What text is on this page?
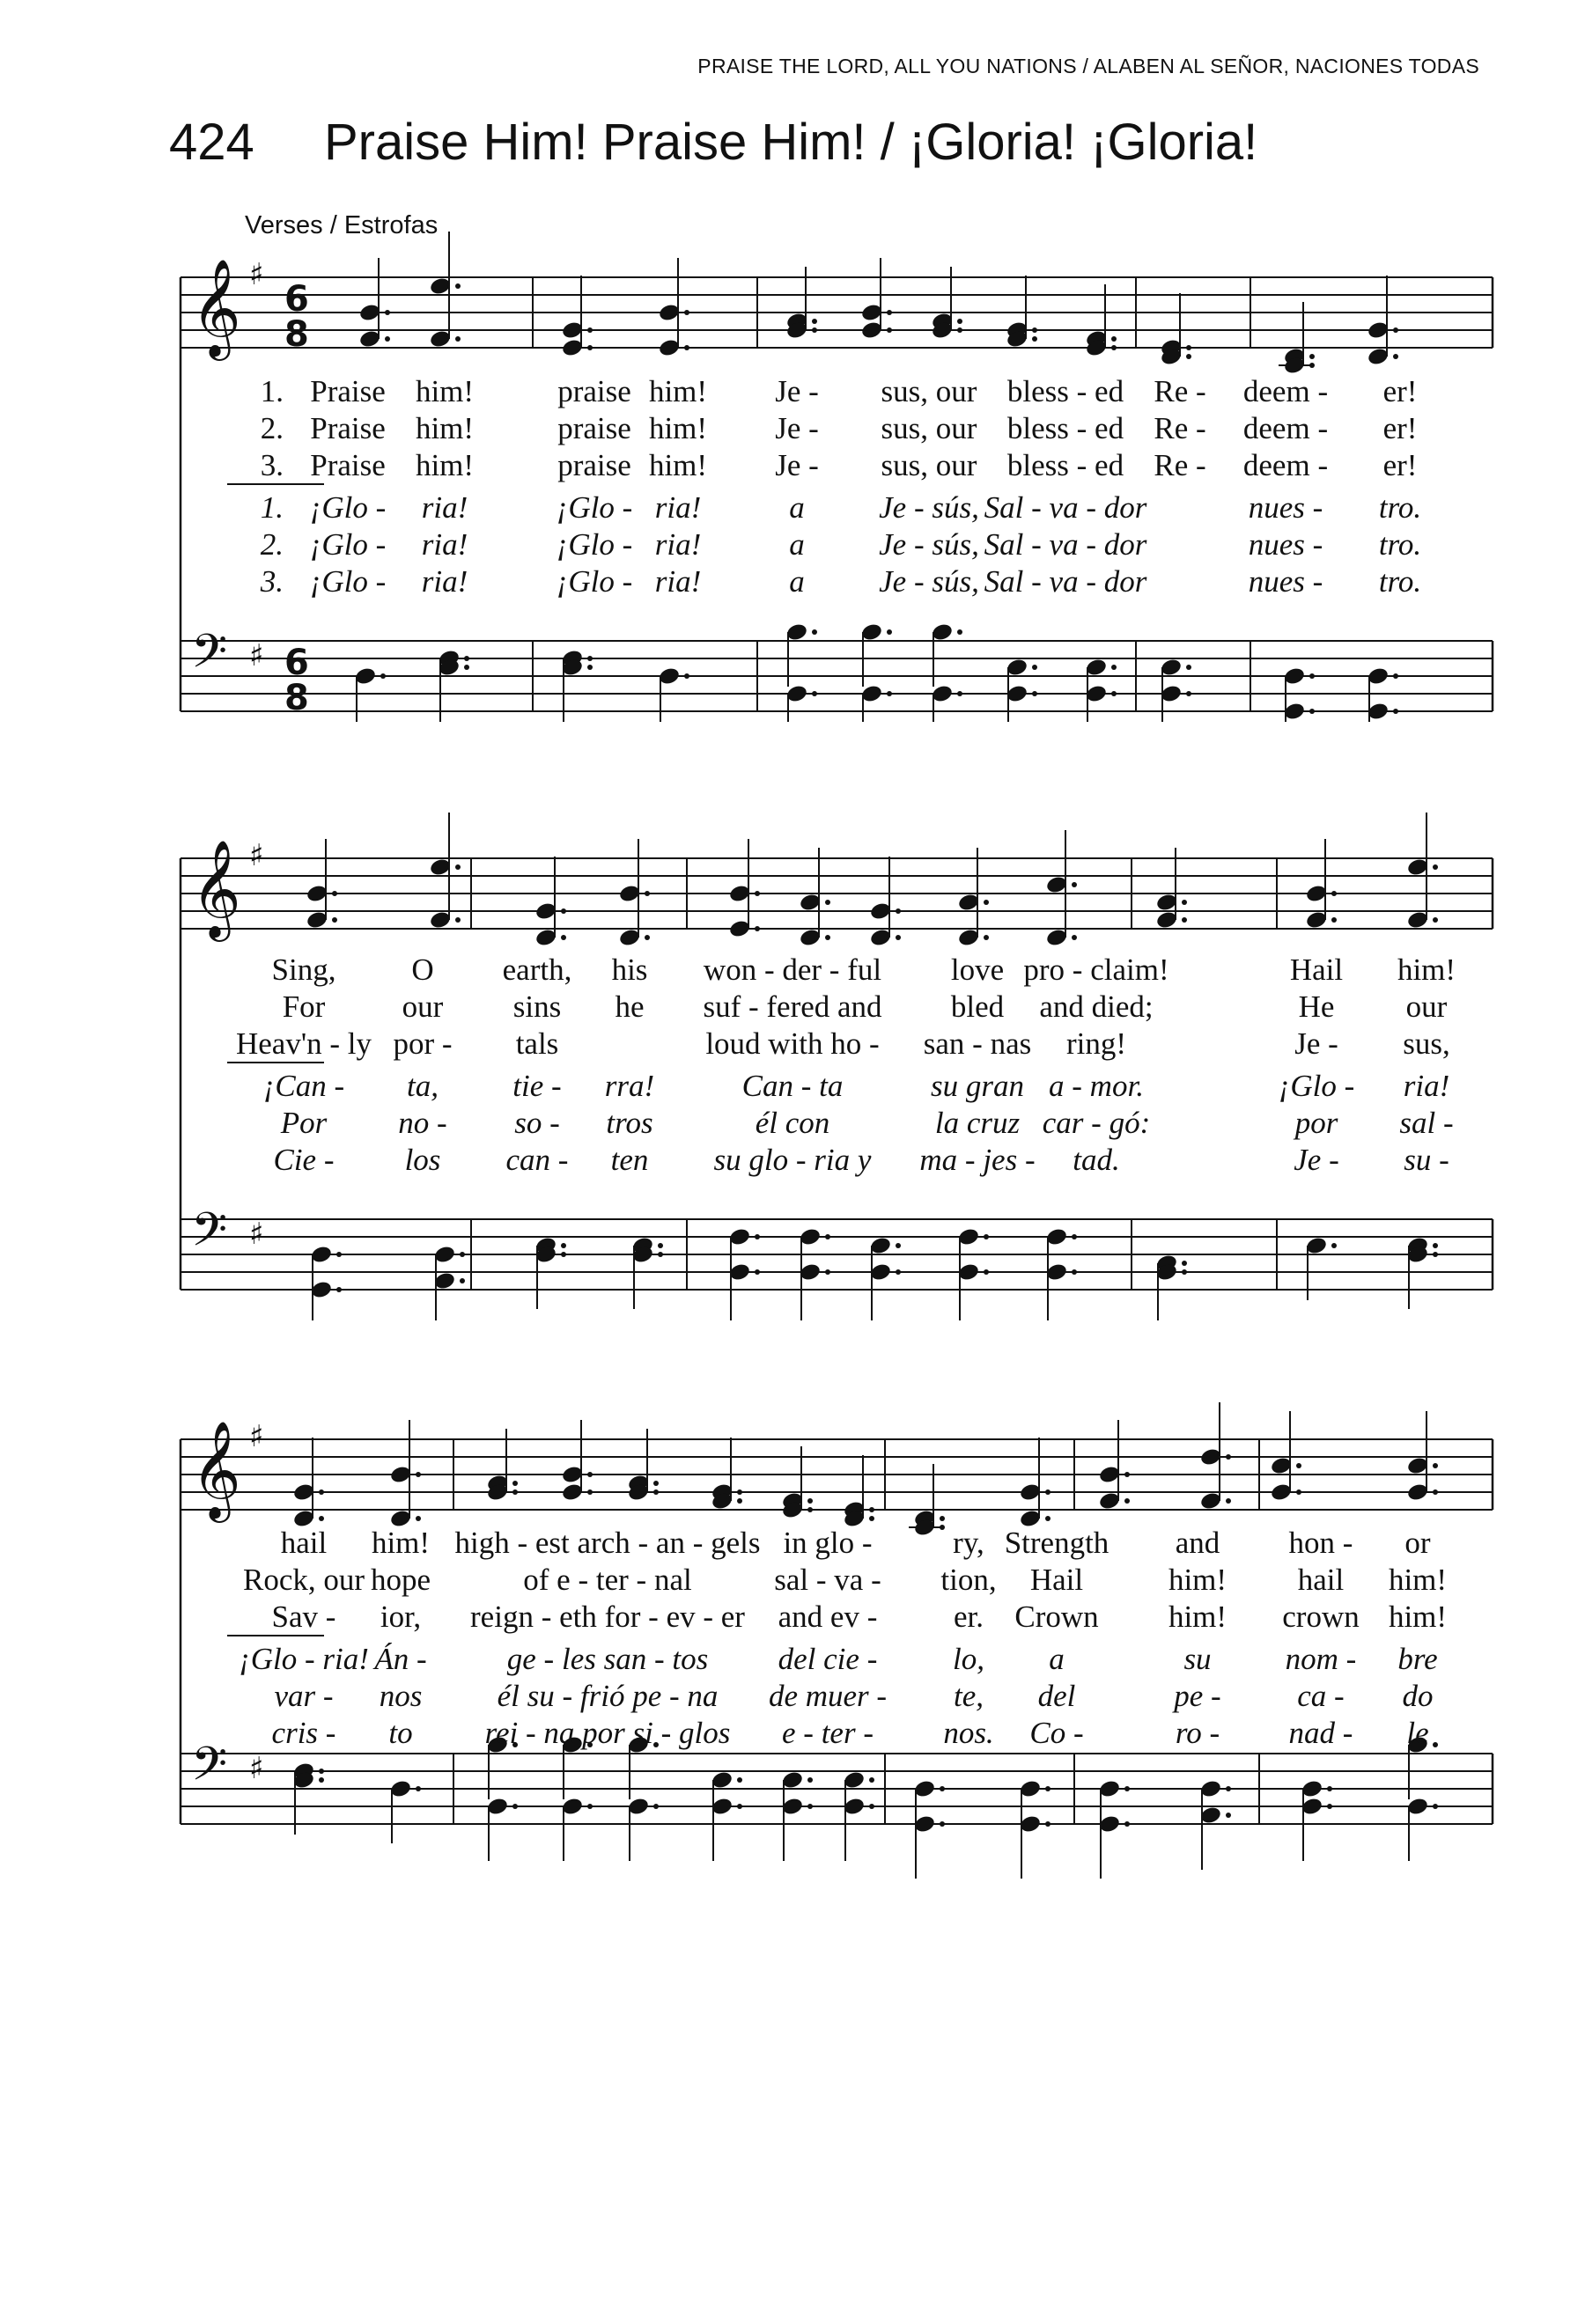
PRAISE THE LORD, ALL YOU NATIONS / ALABEN AL SEÑOR, NACIONES TODAS
424 Praise Him! Praise Him! / ¡Gloria! ¡Gloria!
Verses / Estrofas
𝄞 ♯
6
8
𝄢 ♯ 6
8
1. Praise him!	praise him! Je - sus, our bless - ed Re - deem - er!
2. Praise him!	praise him! Je - sus, our bless - ed Re - deem - er!
3. Praise him!	praise him! Je - sus, our bless - ed Re - deem - er!
1. ¡Glo - ria!	¡Glo - ria!	a Je - sús, Sal - va - dor	nues - tro.
2. ¡Glo - ria!	¡Glo - ria!	a Je - sús, Sal - va - dor	nues - tro.
3. ¡Glo - ria!	¡Glo - ria!	a Je - sús, Sal - va - dor	nues - tro.
𝄞 ♯
𝄢 ♯
Sing, O earth, his won - der - ful love pro - claim!	Hail him!
For our sins he suf - fered and bled and died;	He our
Heav'n - ly por - tals	loud with ho - san - nas ring!	Je - sus,
¡Can - ta, tie - rra!	Can - ta	su gran a - mor.	¡Glo - ria!
Por no - so - tros	él con	la cruz car - gó:	por sal -
Cie - los can - ten su glo - ria y ma - jes - tad.	Je - su -
𝄞 ♯
𝄢 ♯
hail him! high - est arch - an - gels in glo -	ry, Strength and hon - or
Rock, our hope	of e - ter - nal	sal - va - tion, Hail	him! hail him!
Sav - ior, reign - eth for - ev - er and ev - er. Crown him! crown him!
¡Glo - ria! Án -	ge - les san - tos del cie - lo, a	su nom - bre
var - nos él su - frió pe - na de muer - te, del	pe - ca - do
cris - to rei - na por si - glos e - ter - nos. Co -	ro - nad - le
